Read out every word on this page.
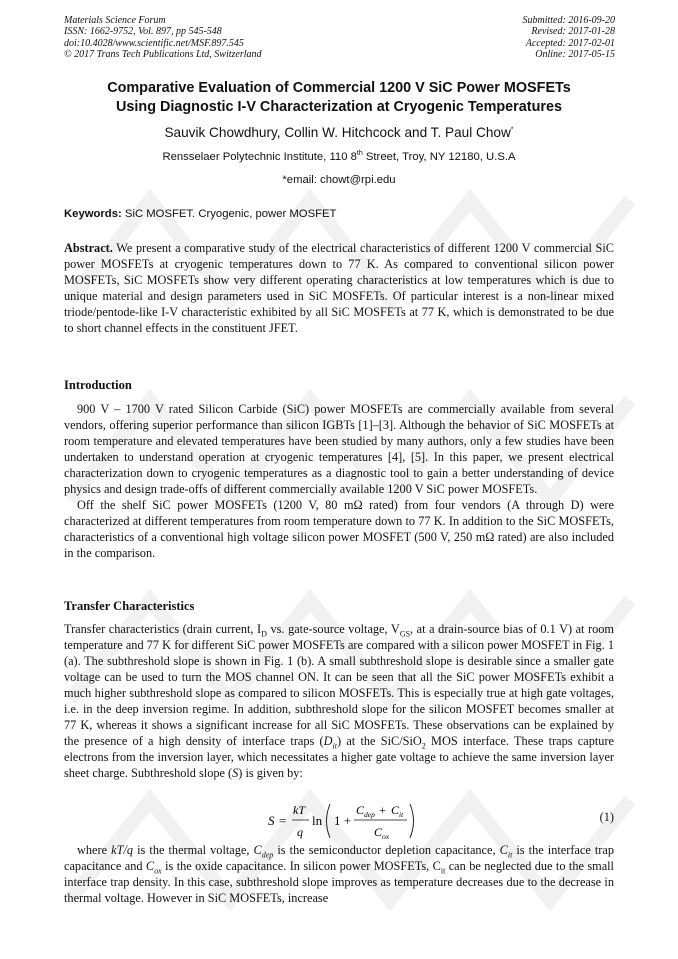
Materials Science Forum
ISSN: 1662-9752, Vol. 897, pp 545-548
doi:10.4028/www.scientific.net/MSF.897.545
© 2017 Trans Tech Publications Ltd, Switzerland
Submitted: 2016-09-20
Revised: 2017-01-28
Accepted: 2017-02-01
Online: 2017-05-15
Comparative Evaluation of Commercial 1200 V SiC Power MOSFETs
Using Diagnostic I-V Characterization at Cryogenic Temperatures
Sauvik Chowdhury, Collin W. Hitchcock and T. Paul Chow*
Rensselaer Polytechnic Institute, 110 8th Street, Troy, NY 12180, U.S.A
*email: chowt@rpi.edu
Keywords: SiC MOSFET. Cryogenic, power MOSFET

Abstract. We present a comparative study of the electrical characteristics of different 1200 V commercial SiC power MOSFETs at cryogenic temperatures down to 77 K. As compared to conventional silicon power MOSFETs, SiC MOSFETs show very different operating characteristics at low temperatures which is due to unique material and design parameters used in SiC MOSFETs. Of particular interest is a non-linear mixed triode/pentode-like I-V characteristic exhibited by all SiC MOSFETs at 77 K, which is demonstrated to be due to short channel effects in the constituent JFET.

Introduction

900 V – 1700 V rated Silicon Carbide (SiC) power MOSFETs are commercially available from several vendors, offering superior performance than silicon IGBTs [1]–[3]. Although the behavior of SiC MOSFETs at room temperature and elevated temperatures have been studied by many authors, only a few studies have been undertaken to understand operation at cryogenic temperatures [4], [5]. In this paper, we present electrical characterization down to cryogenic temperatures as a diagnostic tool to gain a better understanding of device physics and design trade-offs of different commercially available 1200 V SiC power MOSFETs.

Off the shelf SiC power MOSFETs (1200 V, 80 mΩ rated) from four vendors (A through D) were characterized at different temperatures from room temperature down to 77 K. In addition to the SiC MOSFETs, characteristics of a conventional high voltage silicon power MOSFET (500 V, 250 mΩ rated) are also included in the comparison.

Transfer Characteristics

Transfer characteristics (drain current, $I_D$ vs. gate-source voltage, $V_{GS}$, at a drain-source bias of 0.1 V) at room temperature and 77 K for different SiC power MOSFETs are compared with a silicon power MOSFET in Fig. 1 (a). The subthreshold slope is shown in Fig. 1 (b). A small subthreshold slope is desirable since a smaller gate voltage can be used to turn the MOS channel ON. It can be seen that all the SiC power MOSFETs exhibit a much higher subthreshold slope as compared to silicon MOSFETs. This is especially true at high gate voltages, i.e. in the deep inversion regime. In addition, subthreshold slope for the silicon MOSFET becomes smaller at 77 K, whereas it shows a significant increase for all SiC MOSFETs. These observations can be explained by the presence of a high density of interface traps $(D_{it})$ at the SiC/SiO$_2$ MOS interface. These traps capture electrons from the inversion layer, which necessitates a higher gate voltage to achieve the same inversion layer sheet charge. Subthreshold slope (S) is given by:

S =
kT
q
ln 1 +
C dep + C it
C ox
(1)

where kT/q is the thermal voltage, $C_{dep}$ is the semiconductor depletion capacitance, $C_{it}$ is the interface trap capacitance and $C_{ox}$ is the oxide capacitance. In silicon power MOSFETs, $C_{it}$ can be neglected due to the small interface trap density. In this case, subthreshold slope improves as temperature decreases due to the decrease in thermal voltage. However in SiC MOSFETs, increase
